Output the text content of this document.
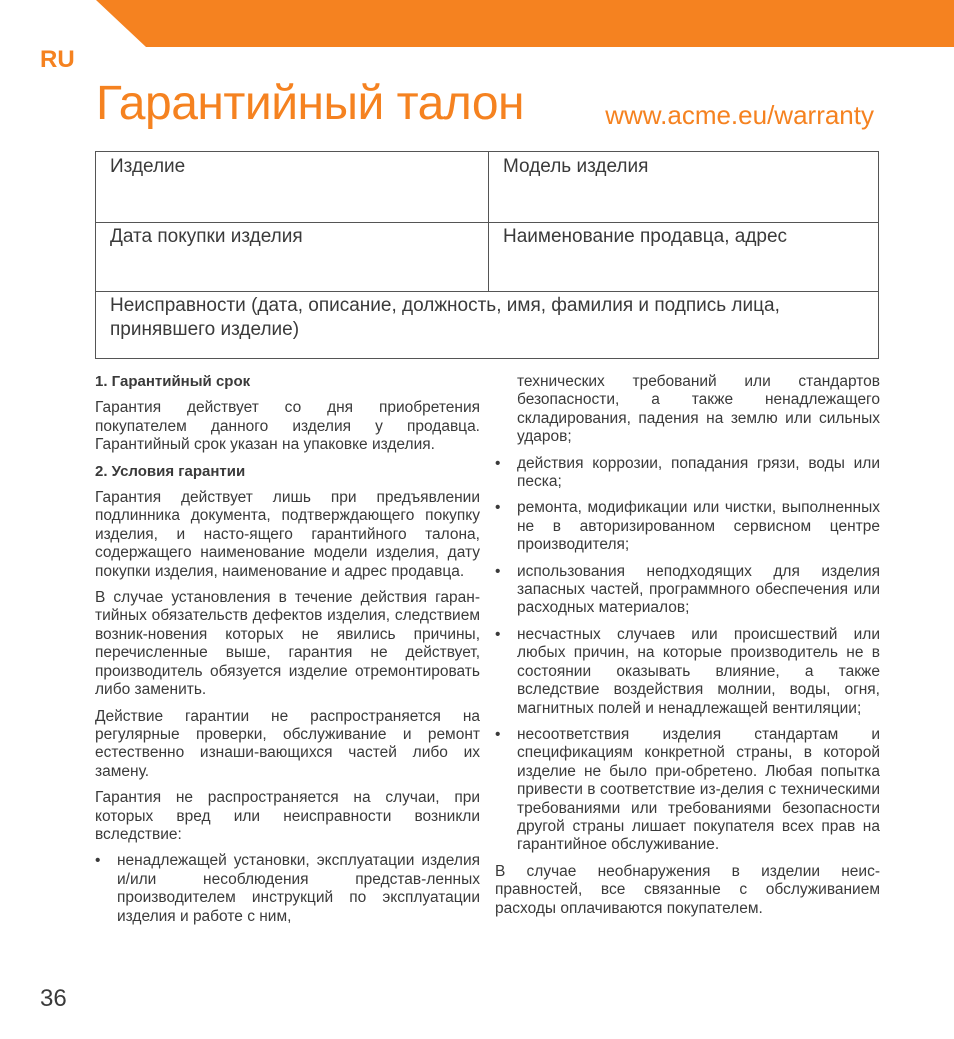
RU
Гарантийный талон	www.acme.eu/warranty
Изделие	Модель изделия
Дата покупки изделия	Наименование продавца, адрес
Неисправности (дата, описание, должность, имя, фамилия и подпись лица, принявшего изделие)
1. Гарантийный срок

Гарантия действует со дня приобретения покупателем данного изделия у продавца. Гарантийный срок указан на упаковке изделия.

2. Условия гарантии

Гарантия действует лишь при предъявлении подлинника документа, подтверждающего покупку изделия, и насто-ящего гарантийного талона, содержащего наименование модели изделия, дату покупки изделия, наименование и адрес продавца.

В случае установления в течение действия гаран-тийных обязательств дефектов изделия, следствием возник-новения которых не явились причины, перечисленные выше, гарантия не действует, производитель обязуется изделие отремонтировать либо заменить.

Действие гарантии не распространяется на регулярные проверки, обслуживание и ремонт естественно изнаши-вающихся частей либо их замену.

Гарантия не распространяется на случаи, при которых вред или неисправности возникли вследствие:

• ненадлежащей установки, эксплуатации изделия и/или несоблюдения представ-ленных производителем инструкций по эксплуатации изделия и работе с ним,
технических требований или стандартов безопасности, а также ненадлежащего складирования, падения на землю или сильных ударов;
• действия коррозии, попадания грязи, воды или песка;
• ремонта, модификации или чистки, выполненных не в авторизированном сервисном центре производителя;
• использования неподходящих для изделия запасных частей, программного обеспечения или расходных материалов;
• несчастных случаев или происшествий или любых причин, на которые производитель не в состоянии оказывать влияние, а также вследствие воздействия молнии, воды, огня, магнитных полей и ненадлежащей вентиляции;
• несоответствия изделия стандартам и спецификациям конкретной страны, в которой изделие не было при-обретено. Любая попытка привести в соответствие из-делия с техническими требованиями или требованиями безопасности другой страны лишает покупателя всех прав на гарантийное обслуживание.

В случае необнаружения в изделии неис-правностей, все связанные с обслуживанием расходы оплачиваются покупателем.

36
